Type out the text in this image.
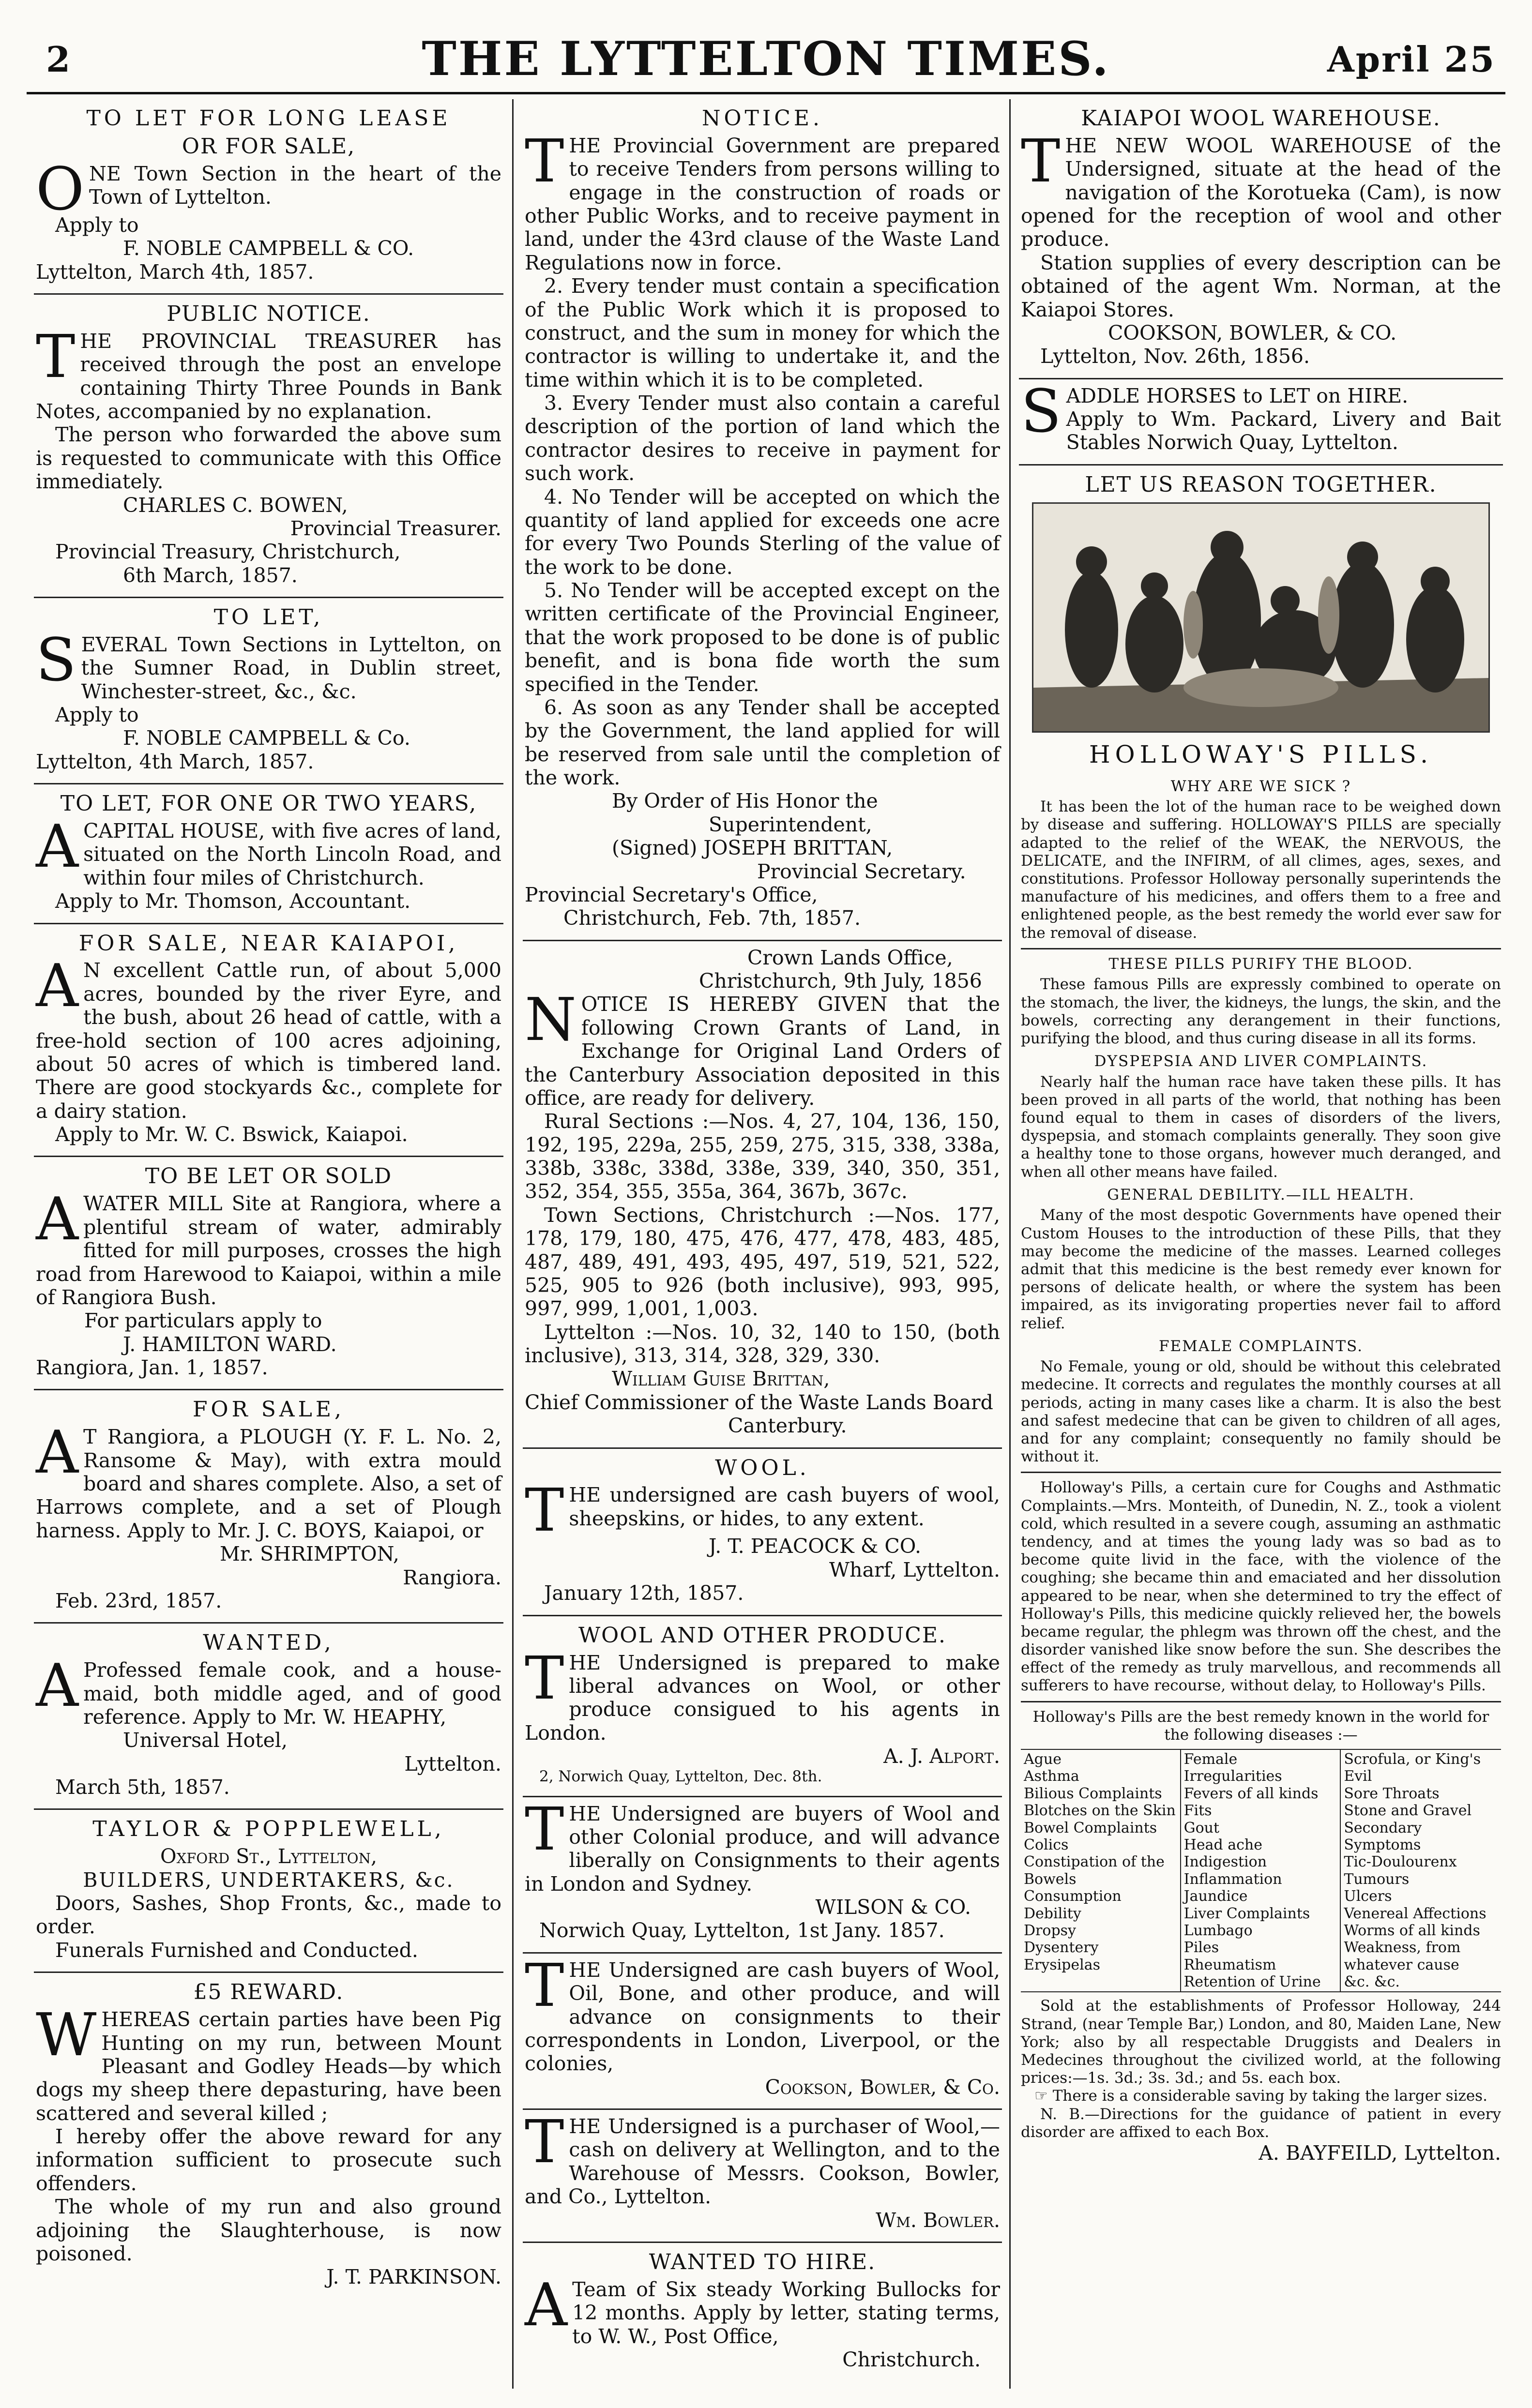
2	THE LYTTELTON TIMES.	April 25
TO LET FOR LONG LEASE
OR FOR SALE,

ONE Town Section in the heart of the Town of Lyttelton.

Apply to
F. NOBLE CAMPBELL & CO.
Lyttelton, March 4th, 1857.
PUBLIC NOTICE.

THE PROVINCIAL TREASURER has received through the post an envelope containing Thirty Three Pounds in Bank Notes, accompanied by no explanation.

The person who forwarded the above sum is requested to communicate with this Office immediately.

CHARLES C. BOWEN,
Provincial Treasurer.
Provincial Treasury, Christchurch,
6th March, 1857.
TO LET,

SEVERAL Town Sections in Lyttelton, on the Sumner Road, in Dublin street, Winchester-street, &c., &c.

Apply to
F. NOBLE CAMPBELL & Co.
Lyttelton, 4th March, 1857.
TO LET, FOR ONE OR TWO YEARS,

ACAPITAL HOUSE, with five acres of land, situated on the North Lincoln Road, and within four miles of Christchurch.

Apply to Mr. Thomson, Accountant.
FOR SALE, NEAR KAIAPOI,

A N excellent Cattle run, of about 5,000 acres, bounded by the river Eyre, and the bush, about 26 head of cattle, with a free-hold section of 100 acres adjoining, about 50 acres of which is timbered land. There are good stockyards &c., complete for a dairy station.

Apply to Mr. W. C. Bswick, Kaiapoi.
TO BE LET OR SOLD

AWATER MILL Site at Rangiora, where a plentiful stream of water, admirably fitted for mill purposes, crosses the high road from Harewood to Kaiapoi, within a mile of Rangiora Bush.

For particulars apply to
J. HAMILTON WARD.
Rangiora, Jan. 1, 1857.
FOR SALE,

A T Rangiora, a PLOUGH (Y. F. L. No. 2, Ransome & May), with extra mould board and shares complete. Also, a set of Harrows complete, and a set of Plough harness. Apply to Mr. J. C. BOYS, Kaiapoi, or

Mr. SHRIMPTON,
Rangiora.
Feb. 23rd, 1857.
WANTED,

A Professed female cook, and a house-maid, both middle aged, and of good reference. Apply to Mr. W. HEAPHY,

Universal Hotel,
Lyttelton.
March 5th, 1857.
TAYLOR & POPPLEWELL,
Oxford St., Lyttelton,
BUILDERS, UNDERTAKERS, &c.

Doors, Sashes, Shop Fronts, &c., made to order.

Funerals Furnished and Conducted.

£5 REWARD.

WHEREAS certain parties have been Pig Hunting on my run, between Mount Pleasant and Godley Heads—by which dogs my sheep there depasturing, have been scattered and several killed ;

I hereby offer the above reward for any information sufficient to prosecute such offenders.

The whole of my run and also ground adjoining the Slaughterhouse, is now poisoned.

J. T. PARKINSON.
NOTICE.

THE Provincial Government are prepared to receive Tenders from persons willing to engage in the construction of roads or other Public Works, and to receive payment in land, under the 43rd clause of the Waste Land Regulations now in force.

2. Every tender must contain a specification of the Public Work which it is proposed to construct, and the sum in money for which the contractor is willing to undertake it, and the time within which it is to be completed.

3. Every Tender must also contain a careful description of the portion of land which the contractor desires to receive in payment for such work.

4. No Tender will be accepted on which the quantity of land applied for exceeds one acre for every Two Pounds Sterling of the value of the work to be done.

5. No Tender will be accepted except on the written certificate of the Provincial Engineer, that the work proposed to be done is of public benefit, and is bona fide worth the sum specified in the Tender.

6. As soon as any Tender shall be accepted by the Government, the land applied for will be reserved from sale until the completion of the work.

By Order of His Honor the
Superintendent,
(Signed) JOSEPH BRITTAN,
Provincial Secretary.
Provincial Secretary's Office,
Christchurch, Feb. 7th, 1857.
Crown Lands Office,
Christchurch, 9th July, 1856

NOTICE IS HEREBY GIVEN that the following Crown Grants of Land, in Exchange for Original Land Orders of the Canterbury Association deposited in this office, are ready for delivery.

Rural Sections :—Nos. 4, 27, 104, 136, 150, 192, 195, 229a, 255, 259, 275, 315, 338, 338a, 338b, 338c, 338d, 338e, 339, 340, 350, 351, 352, 354, 355, 355a, 364, 367b, 367c.

Town Sections, Christchurch :—Nos. 177, 178, 179, 180, 475, 476, 477, 478, 483, 485, 487, 489, 491, 493, 495, 497, 519, 521, 522, 525, 905 to 926 (both inclusive), 993, 995, 997, 999, 1,001, 1,003.

Lyttelton :—Nos. 10, 32, 140 to 150, (both inclusive), 313, 314, 328, 329, 330.

William Guise Brittan,
Chief Commissioner of the Waste Lands Board
Canterbury.
WOOL.

THE undersigned are cash buyers of wool, sheepskins, or hides, to any extent.

J. T. PEACOCK & CO.
Wharf, Lyttelton.
January 12th, 1857.
WOOL AND OTHER PRODUCE.

THE Undersigned is prepared to make liberal advances on Wool, or other produce consigued to his agents in London.

A. J. Alport.
2, Norwich Quay, Lyttelton, Dec. 8th.

THE Undersigned are buyers of Wool and other Colonial produce, and will advance liberally on Consignments to their agents in London and Sydney.

WILSON & CO.
Norwich Quay, Lyttelton, 1st Jany. 1857.

THE Undersigned are cash buyers of Wool, Oil, Bone, and other produce, and will advance on consignments to their correspondents in London, Liverpool, or the colonies,

Cookson, Bowler, & Co.

THE Undersigned is a purchaser of Wool,—cash on delivery at Wellington, and to the Warehouse of Messrs. Cookson, Bowler, and Co., Lyttelton.

Wm. Bowler.
WANTED TO HIRE.

A Team of Six steady Working Bullocks for 12 months. Apply by letter, stating terms, to W. W., Post Office,

Christchurch.
KAIAPOI WOOL WAREHOUSE.

THE NEW WOOL WAREHOUSE of the Undersigned, situate at the head of the navigation of the Korotueka (Cam), is now opened for the reception of wool and other produce.

Station supplies of every description can be obtained of the agent Wm. Norman, at the Kaiapoi Stores.

COOKSON, BOWLER, & CO.
Lyttelton, Nov. 26th, 1856.

SADDLE HORSES to LET on HIRE.

Apply to Wm. Packard, Livery and Bait Stables Norwich Quay, Lyttelton.

LET US REASON TOGETHER.
HOLLOWAY'S PILLS.
WHY ARE WE SICK ?

It has been the lot of the human race to be weighed down by disease and suffering. HOLLOWAY'S PILLS are specially adapted to the relief of the WEAK, the NERVOUS, the DELICATE, and the INFIRM, of all climes, ages, sexes, and constitutions. Professor Holloway personally superintends the manufacture of his medicines, and offers them to a free and enlightened people, as the best remedy the world ever saw for the removal of disease.

THESE PILLS PURIFY THE BLOOD.

These famous Pills are expressly combined to operate on the stomach, the liver, the kidneys, the lungs, the skin, and the bowels, correcting any derangement in their functions, purifying the blood, and thus curing disease in all its forms.

DYSPEPSIA AND LIVER COMPLAINTS.

Nearly half the human race have taken these pills. It has been proved in all parts of the world, that nothing has been found equal to them in cases of disorders of the livers, dyspepsia, and stomach complaints generally. They soon give a healthy tone to those organs, however much deranged, and when all other means have failed.

GENERAL DEBILITY.—ILL HEALTH.

Many of the most despotic Governments have opened their Custom Houses to the introduction of these Pills, that they may become the medicine of the masses. Learned colleges admit that this medicine is the best remedy ever known for persons of delicate health, or where the system has been impaired, as its invigorating properties never fail to afford relief.

FEMALE COMPLAINTS.

No Female, young or old, should be without this celebrated medecine. It corrects and regulates the monthly courses at all periods, acting in many cases like a charm. It is also the best and safest medecine that can be given to children of all ages, and for any complaint; consequently no family should be without it.

Holloway's Pills, a certain cure for Coughs and Asthmatic Complaints.—Mrs. Monteith, of Dunedin, N. Z., took a violent cold, which resulted in a severe cough, assuming an asthmatic tendency, and at times the young lady was so bad as to become quite livid in the face, with the violence of the coughing; she became thin and emaciated and her dissolution appeared to be near, when she determined to try the effect of Holloway's Pills, this medicine quickly relieved her, the bowels became regular, the phlegm was thrown off the chest, and the disorder vanished like snow before the sun. She describes the effect of the remedy as truly marvellous, and recommends all sufferers to have recourse, without delay, to Holloway's Pills.

Holloway's Pills are the best remedy known in the world for the following diseases :—

Ague
Asthma
Bilious Complaints
Blotches on the Skin
Bowel Complaints
Colics
Constipation of the Bowels
Consumption
Debility
Dropsy
Dysentery
Erysipelas
Female Irregularities
Fevers of all kinds
Fits
Gout
Head ache
Indigestion
Inflammation
Jaundice
Liver Complaints
Lumbago
Piles
Rheumatism
Retention of Urine
Scrofula, or King's Evil
Sore Throats
Stone and Gravel
Secondary Symptoms
Tic-Doulourenx
Tumours
Ulcers
Venereal Affections
Worms of all kinds
Weakness, from whatever cause
&c. &c.

Sold at the establishments of Professor Holloway, 244 Strand, (near Temple Bar,) London, and 80, Maiden Lane, New York; also by all respectable Druggists and Dealers in Medecines throughout the civilized world, at the following prices:—1s. 3d.; 3s. 3d.; and 5s. each box.

☞ There is a considerable saving by taking the larger sizes.

N. B.—Directions for the guidance of patient in every disorder are affixed to each Box.

A. BAYFEILD, Lyttelton.
